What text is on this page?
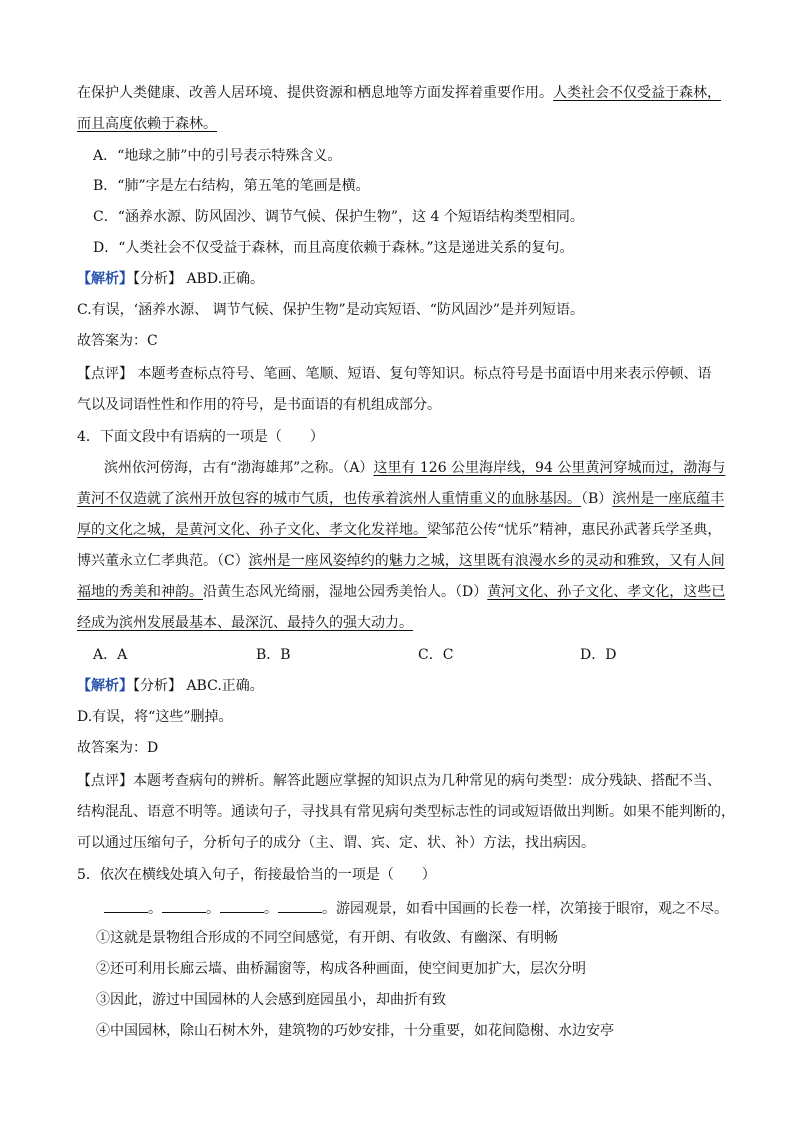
在保护人类健康、改善人居环境、提供资源和栖息地等方面发挥着重要作用。人类社会不仅受益于森林，
而且高度依赖于森林。
A．“地球之肺”中的引号表示特殊含义。
B．“肺”字是左右结构，第五笔的笔画是横。
C．“涵养水源、防风固沙、调节气候、保护生物”，这 4 个短语结构类型相同。
D．“人类社会不仅受益于森林，而且高度依赖于森林。”这是递进关系的复句。
【解析】【分析】 ABD.正确。
C.有误，‘涵养水源、 调节气候、保护生物”是动宾短语、“防风固沙”是并列短语。
故答案为：C
【点评】 本题考查标点符号、笔画、笔顺、短语、复句等知识。标点符号是书面语中用来表示停顿、语
气以及词语性性和作用的符号，是书面语的有机组成部分。
4．下面文段中有语病的一项是（　　）
滨州依河傍海，古有“渤海雄邦”之称。（A）这里有 126 公里海岸线，94 公里黄河穿城而过，渤海与
黄河不仅造就了滨州开放包容的城市气质，也传承着滨州人重情重义的血脉基因。（B）滨州是一座底蕴丰
厚的文化之城，是黄河文化、孙子文化、孝文化发祥地。梁邹范公传“忧乐”精神，惠民孙武著兵学圣典，
博兴董永立仁孝典范。（C）滨州是一座风姿绰约的魅力之城，这里既有浪漫水乡的灵动和雅致，又有人间
福地的秀美和神韵。沿黄生态风光绮丽，湿地公园秀美怡人。（D）黄河文化、孙子文化、孝文化，这些已
经成为滨州发展最基本、最深沉、最持久的强大动力。
A．A	B．B	C．C	D．D
【解析】【分析】 ABC.正确。
D.有误，将“这些”删掉。
故答案为：D
【点评】本题考查病句的辨析。解答此题应掌握的知识点为几种常见的病句类型：成分残缺、搭配不当、
结构混乱、语意不明等。通读句子，寻找具有常见病句类型标志性的词或短语做出判断。如果不能判断的，
可以通过压缩句子，分析句子的成分（主、谓、宾、定、状、补）方法，找出病因。
5．依次在横线处填入句子，衔接最恰当的一项是（　　）
。	。	。	。游园观景，如看中国画的长卷一样，次第接于眼帘，观之不尽。
①这就是景物组合形成的不同空间感觉，有开朗、有收敛、有幽深、有明畅
②还可利用长廊云墙、曲桥漏窗等，构成各种画面，使空间更加扩大，层次分明
③因此，游过中国园林的人会感到庭园虽小，却曲折有致
④中国园林，除山石树木外，建筑物的巧妙安排，十分重要，如花间隐榭、水边安亭
